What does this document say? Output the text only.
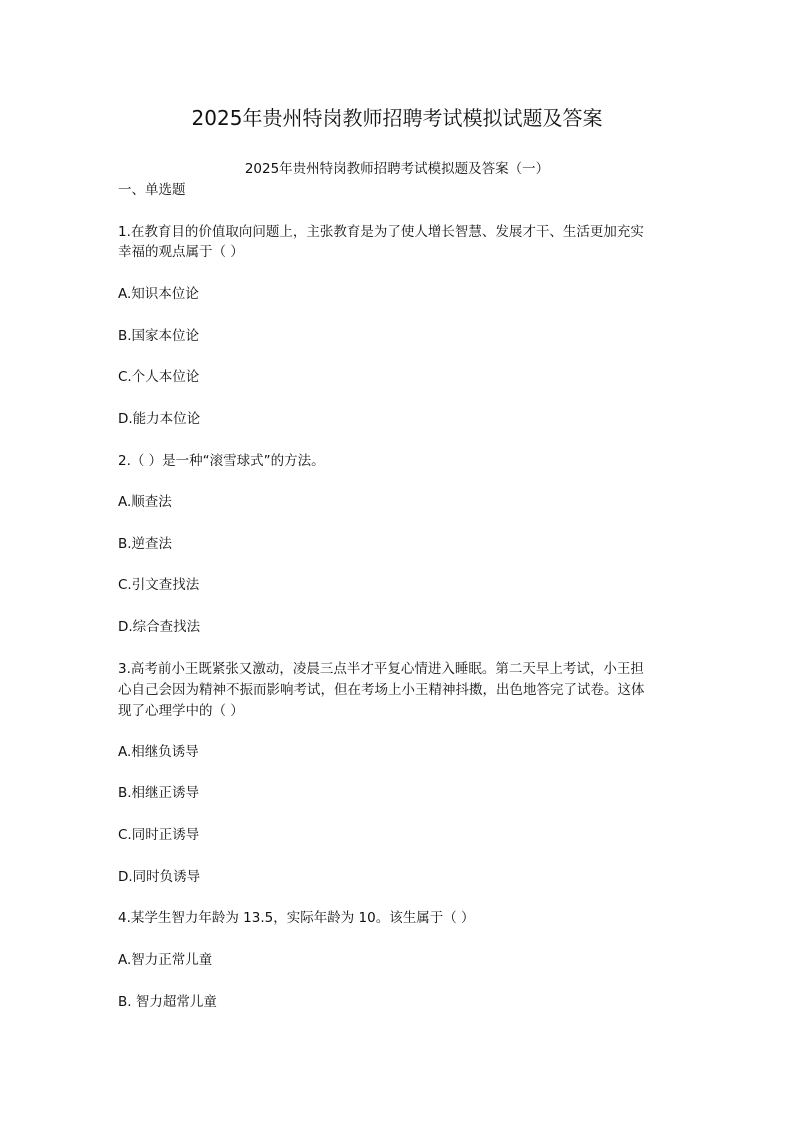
2025年贵州特岗教师招聘考试模拟试题及答案
2025年贵州特岗教师招聘考试模拟题及答案（一）
一、单选题
1.在教育目的价值取向问题上，主张教育是为了使人增长智慧、发展才干、生活更加充实
幸福的观点属于（ ）
A.知识本位论
B.国家本位论
C.个人本位论
D.能力本位论
2.（ ）是一种“滚雪球式”的方法。
A.顺查法
B.逆查法
C.引文查找法
D.综合查找法
3.高考前小王既紧张又激动，凌晨三点半才平复心情进入睡眠。第二天早上考试，小王担
心自己会因为精神不振而影响考试，但在考场上小王精神抖擞，出色地答完了试卷。这体
现了心理学中的（ ）
A.相继负诱导
B.相继正诱导
C.同时正诱导
D.同时负诱导
4.某学生智力年龄为 13.5，实际年龄为 10。该生属于（ ）
A.智力正常儿童
B. 智力超常儿童
